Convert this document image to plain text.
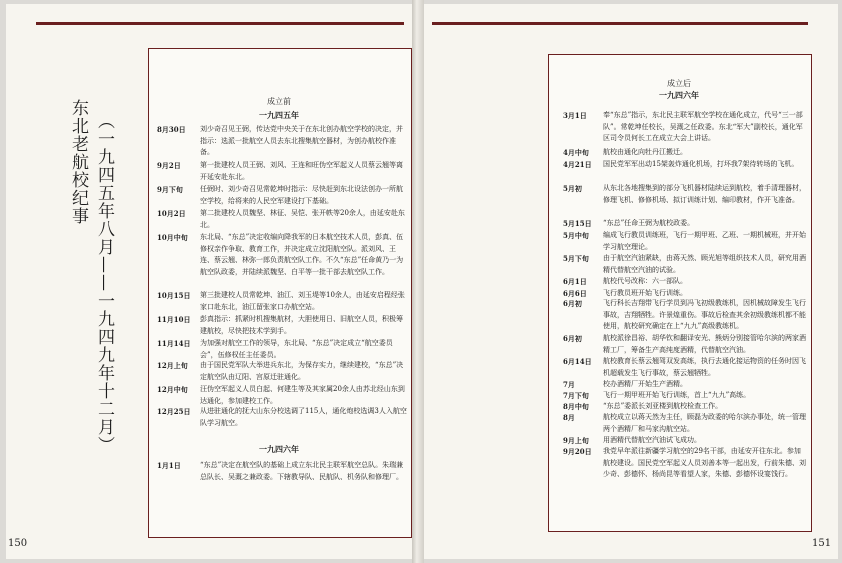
东北老航校纪事 （一九四五年八月——一九四九年十二月）
150	151
成立前
一九四五年
一九四六年
成立后
一九四六年
8月30日 刘少奇召见王弼，传达党中央关于在东北创办航空学校的决定，并指示：选派一批航空人员去东北搜集航空器材，为创办航校作准备。
9月2日	第一批建校人员王弼、刘风、王连和旺伪空军起义人员蔡云翘等离开延安赴东北。
9月下旬 任弼时、刘少奇召见常乾坤时指示：尽快赶到东北设法创办一所航空学校，给将来的人民空军建设打下基础。
10月2日 第二批建校人员魏坚、林征、吴恺、张开帙等20余人，由延安赴东北。
10月中旬 东北局、“东总”决定收编向降我军的日本航空技术人员，彭真、伍修权亲作争取、教育工作，并决定成立沈阳航空队。派刘风、王连、蔡云翘、林弥一郎负责航空队工作。不久“东总”任命黄乃一为航空队政委，并陆续派魏坚、白平等一批干部去航空队工作。
10月15日 第三批建校人员常乾坤、油江、刘玉堤等10余人，由延安启程经张家口赴东北，油江留张家口办航空站。
11月10日 彭真指示：抓紧时机搜集航材，大胆使用日、旧航空人员，积极筹建航校，尽快把技术学到手。
11月14日 为加强对航空工作的领导，东北局、“东总”决定成立“航空委员会”，伍修权任主任委员。
12月上旬 由于国民党军队大举进兵东北，为保存实力，继续建校，“东总”决定航空队由辽阳、宫原迁驻通化。
12月中旬 汪伪空军起义人员白起、何建生等及其家属20余人由苏北经山东到达通化，参加建校工作。
12月25日 从进驻通化的抚大山东分校选调了115人，通化炮校选调3人入航空队学习航空。
1月1日	“东总”决定在航空队的基础上成立东北民主联军航空总队。朱瑞兼总队长、吴溉之兼政委。下辖教导队、民航队、机务队和修理厂。
3月1日 奉“东总”指示，东北民主联军航空学校在通化成立，代号“三一部队”。常乾坤任校长，吴溉之任政委。东北“军大”副校长，通化军区司令员何长工在成立大会上讲话。
4月中旬 航校由通化向牡丹江搬迁。
4月21日 国民党军军出动15架轰炸通化机场，打坏我7架待转场的飞机。
5月初	从东北各地搜集到的部分飞机器材陆续运到航校，着手清理器材，修理飞机、修修机场、拟订训练计划、编印教材，作开飞准备。
5月15日 “东总”任命王弼为航校政委。
5月中旬 编成飞行教员训练班，飞行一期甲班、乙班、一期机械班，并开始学习航空理论。
5月下旬 由于航空汽油紧缺，由蒋天然、顾光旭等组织技术人员，研究用酒精代替航空汽油的试验。
6月1日 航校代号改称：六一部队。
6月6日 飞行教员班开始飞行训练。
6月初	飞行科长吉翔带飞行学员到冯飞初级教练机，因机械故障发生飞行事故，吉翔牺牲。许景煌重伤。事故后检查其余初级教练机都不能使用，航校研究确定在上“九九”高级教练机。
6月初	航校派徐昌裕、胡华钦和翻译安光、熊炳分别接管哈尔滨的两家酒精工厂，筹备生产高纯度酒精，代替航空汽油。
6月14日 航校教育长蔡云翘驾双发高练，执行去通化接运物资的任务时因飞机超载发生飞行事故，蔡云翘牺牲。
7月	校办酒精厂开始生产酒精。
7月下旬 飞行一期甲班开始飞行训练，首上“九九”高练。
8月中旬 “东总”委派长刘亚楼到航校检查工作。
8月	航校成立以蒋天然为主任，顾磊为政委的哈尔滨办事处，统一管理两个酒精厂和马家沟航空站。
9月上旬 用酒精代替航空汽油试飞成功。
9月20日 我党早年派往新疆学习航空的29名干部，由延安开往东北。参加航校建设。国民党空军起义人员刘善本等一起出发，行前朱德、刘少奇、彭德怀、杨尚昆等看望人家，朱德、彭德怀设宴饯行。
